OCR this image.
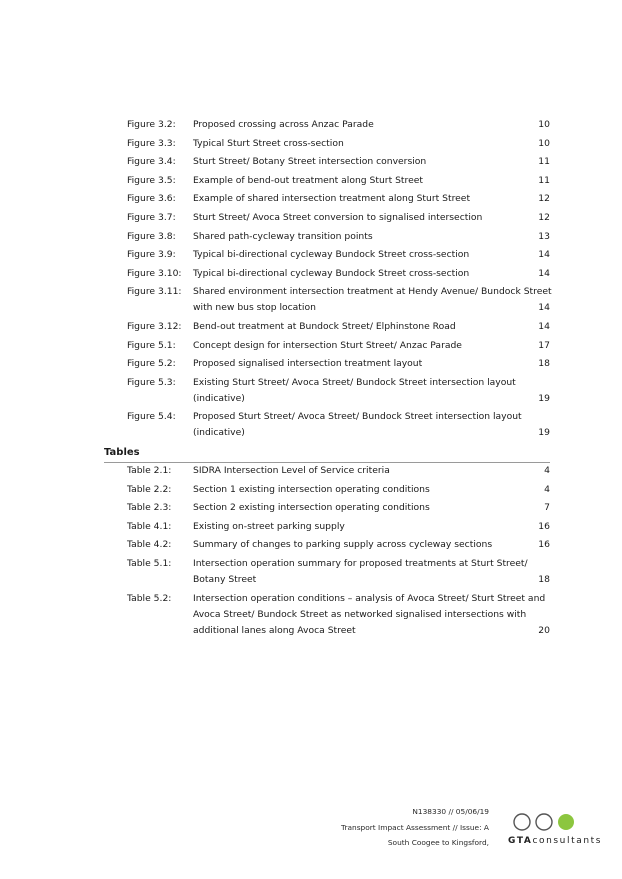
Figure 3.2: Proposed crossing across Anzac Parade	10
Figure 3.3: Typical Sturt Street cross-section	10
Figure 3.4: Sturt Street/ Botany Street intersection conversion	11
Figure 3.5: Example of bend-out treatment along Sturt Street	11
Figure 3.6: Example of shared intersection treatment along Sturt Street	12
Figure 3.7: Sturt Street/ Avoca Street conversion to signalised intersection	12
Figure 3.8: Shared path-cycleway transition points	13
Figure 3.9: Typical bi-directional cycleway Bundock Street cross-section	14
Figure 3.10: Typical bi-directional cycleway Bundock Street cross-section	14
Figure 3.11: Shared environment intersection treatment at Hendy Avenue/ Bundock Street
with new bus stop location	14
Figure 3.12: Bend-out treatment at Bundock Street/ Elphinstone Road	14
Figure 5.1: Concept design for intersection Sturt Street/ Anzac Parade	17
Figure 5.2: Proposed signalised intersection treatment layout	18
Figure 5.3: Existing Sturt Street/ Avoca Street/ Bundock Street intersection layout
(indicative)	19
Figure 5.4: Proposed Sturt Street/ Avoca Street/ Bundock Street intersection layout
(indicative)	19
Table 2.1: SIDRA Intersection Level of Service criteria	4
Table 2.2: Section 1 existing intersection operating conditions	4
Table 2.3: Section 2 existing intersection operating conditions	7
Table 4.1: Existing on-street parking supply	16
Table 4.2: Summary of changes to parking supply across cycleway sections	16
Table 5.1: Intersection operation summary for proposed treatments at Sturt Street/
Botany Street	18
Table 5.2: Intersection operation conditions – analysis of Avoca Street/ Sturt Street and
Avoca Street/ Bundock Street as networked signalised intersections with
additional lanes along Avoca Street	20
Tables
N138330 // 05/06/19
Transport Impact Assessment // Issue: A
South Coogee to Kingsford, GTAconsultants
